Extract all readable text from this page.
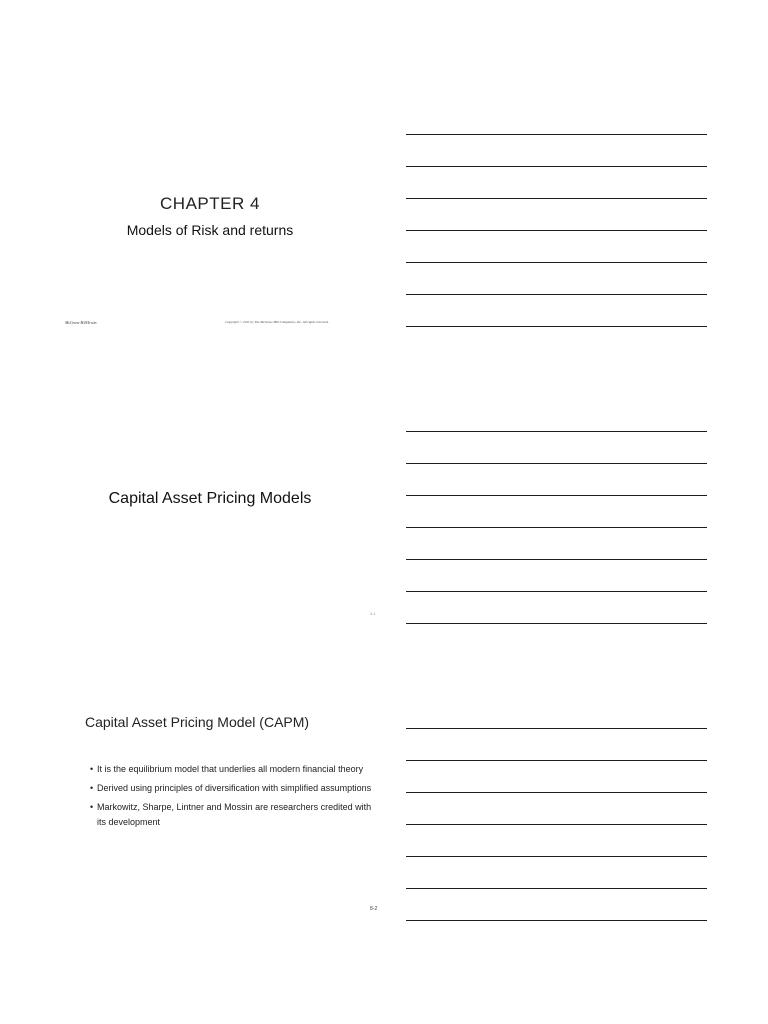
CHAPTER 4
Models of Risk and returns
McGraw-Hill/Irwin	Copyright © 2011 by The McGraw-Hill Companies, Inc. All rights reserved.
Capital Asset Pricing Models
4-1
Capital Asset Pricing Model (CAPM)
• It is the equilibrium model that underlies all modern financial theory
• Derived using principles of diversification with simplified assumptions
• Markowitz, Sharpe, Lintner and Mossin are researchers credited with its development
8-2
